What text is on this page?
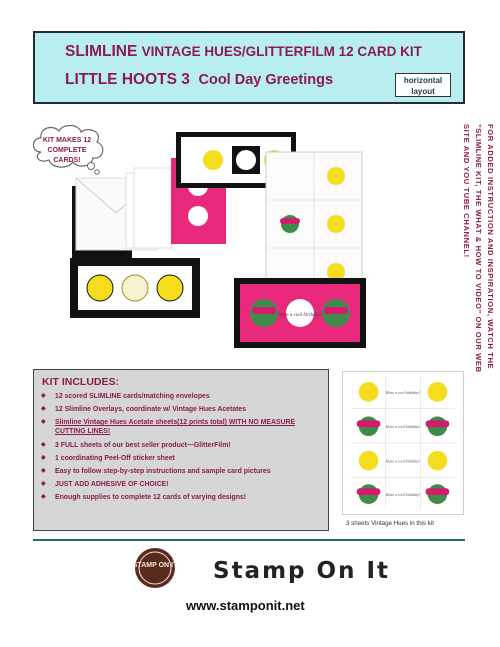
SLIMLINE VINTAGE HUES/GLITTERFILM 12 CARD KIT
LITTLE HOOTS 3 Cool Day Greetings	horizontal
layout
KIT MAKES 12 COMPLETE CARDS!	FOR ADDED INSTRUCTION AND INSPIRATION, WATCH THE "SLIMLINE KIT, THE WHAT & HOW TO VIDEO" ON OUR WEB SITE AND YOU TUBE CHANNEL!
Have a cool birthday!
KIT INCLUDES:
◆ 12 scored SLIMLINE cards/matching envelopes
◆ 12 Slimline Overlays, coordinate w/ Vintage Hues Acetates
◆ Slimline Vintage Hues Acetate sheets(12 prints total) WITH NO MEASURE CUTTING LINES!
◆ 3 FULL sheets of our best seller product—GlitterFilm!
◆ 1 coordinating Peel-Off sticker sheet
◆ Easy to follow step-by-step instructions and sample card pictures
◆ JUST ADD ADHESIVE OF CHOICE!
◆ Enough supplies to complete 12 cards of varying designs!
Have a cool birthday!
Have a cool birthday!
Have a cool birthday!
Have a cool birthday!
3 sheets Vintage Hues in this kit
STAMP ON IT Stamp On It
www.stamponit.net
